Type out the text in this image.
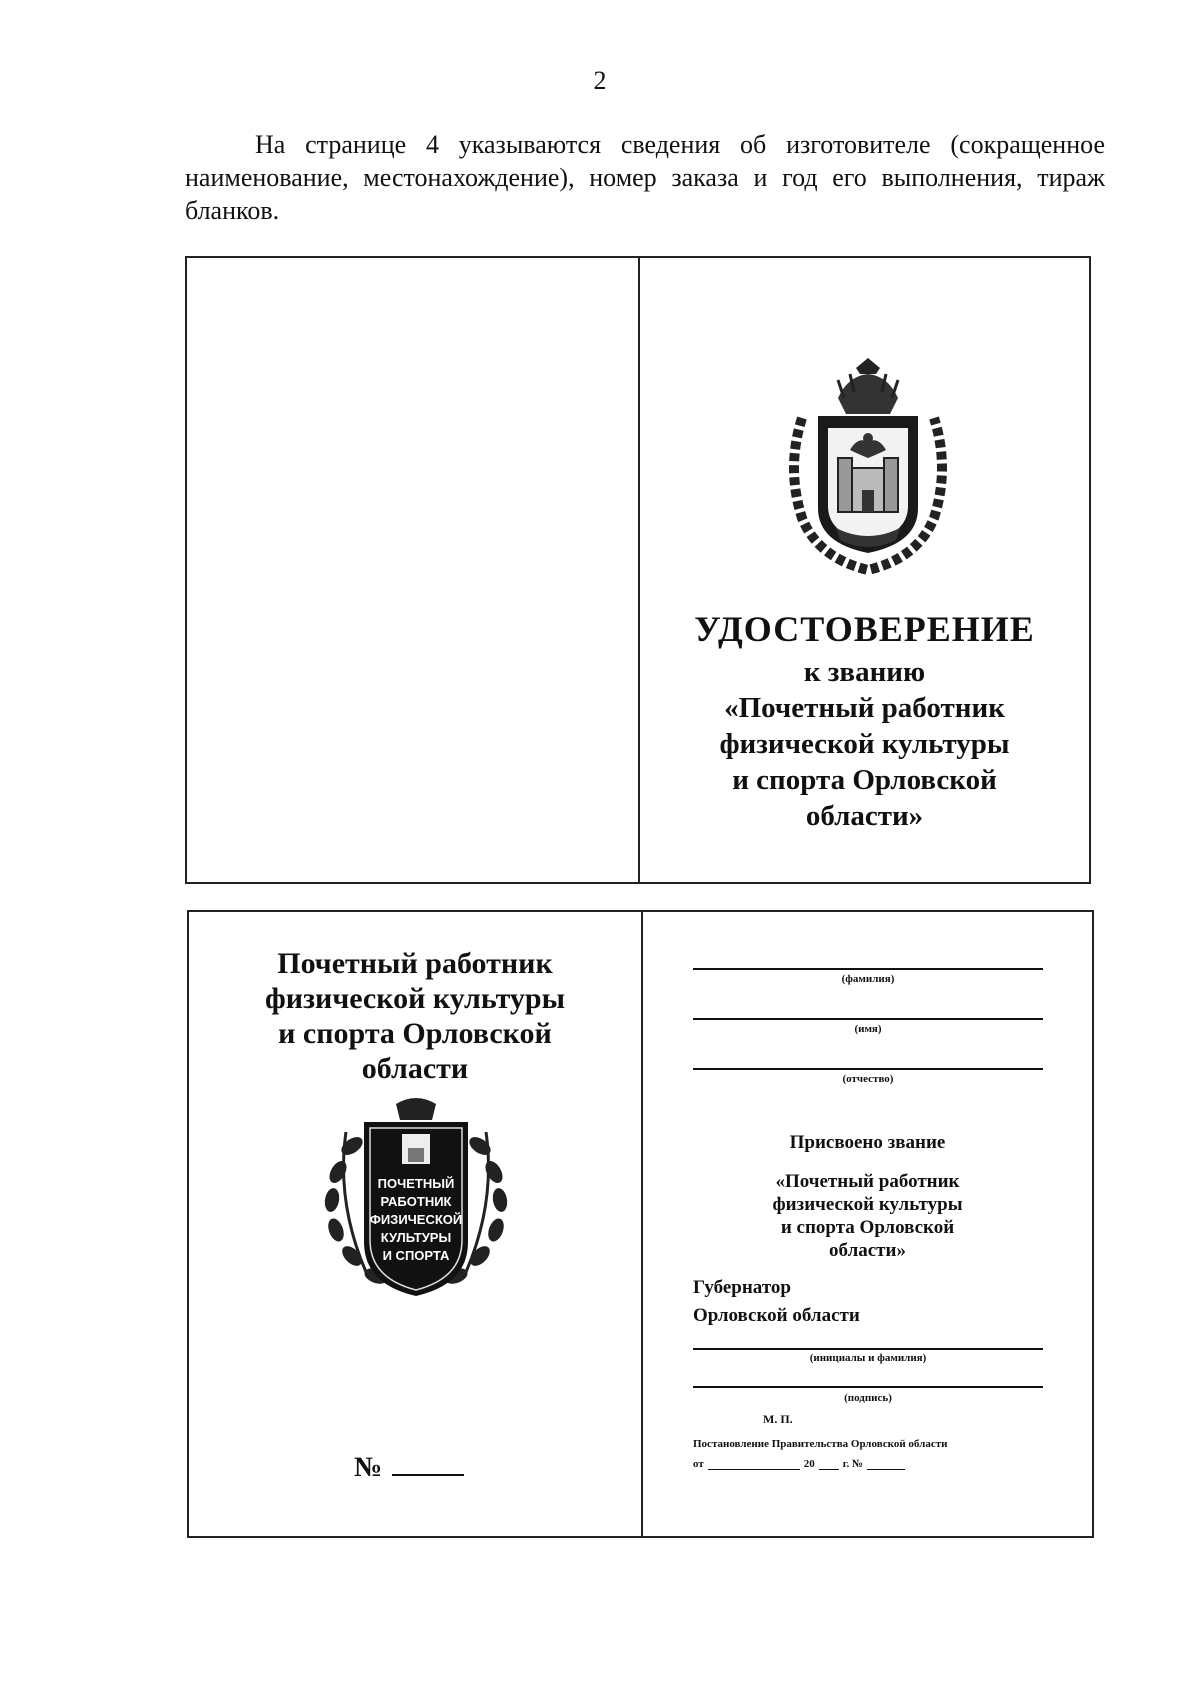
2
На странице 4 указываются сведения об изготовителе (сокращенное наименование, местонахождение), номер заказа и год его выполнения, тираж бланков.
УДОСТОВЕРЕНИЕ
к званию
«Почетный работник
физической культуры
и спорта Орловской
области»
Почетный работник
физической культуры
и спорта Орловской
области
ПОЧЕТНЫЙ
РАБОТНИК
ФИЗИЧЕСКОЙ
КУЛЬТУРЫ
И СПОРТА
№
(фамилия)
(имя)
(отчество)
Присвоено звание
«Почетный работник
физической культуры
и спорта Орловской
области»
Губернатор
Орловской области
(инициалы и фамилия)
(подпись)
М. П.
Постановление Правительства Орловской области
от	20	г. №
